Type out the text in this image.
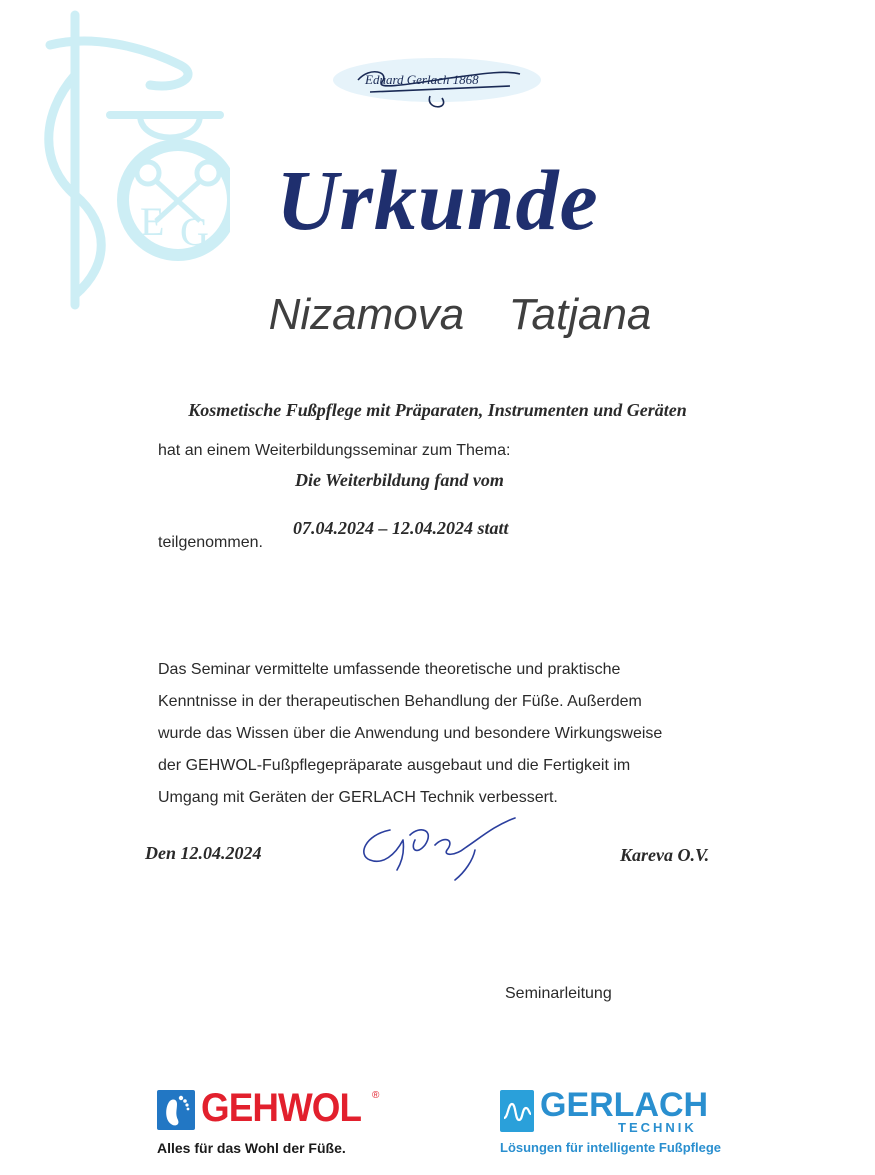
E G
Eduard Gerlach 1868
Urkunde
Nizamova  Tatjana
Kosmetische Fußpflege mit Präparaten, Instrumenten und Geräten
hat an einem Weiterbildungsseminar zum Thema:
Die Weiterbildung fand vom
07.04.2024 – 12.04.2024 statt
teilgenommen.
Das Seminar vermittelte umfassende theoretische und praktische
Kenntnisse in der therapeutischen Behandlung der Füße. Außerdem
wurde das Wissen über die Anwendung und besondere Wirkungsweise
der GEHWOL-Fußpflegepräparate ausgebaut und die Fertigkeit im
Umgang mit Geräten der GERLACH Technik verbessert.
Den 12.04.2024	Kareva O.V.
Seminarleitung
GEHWOL ®
Alles für das Wohl der Füße.
GERLACH
TECHNIK
Lösungen für intelligente Fußpflege
